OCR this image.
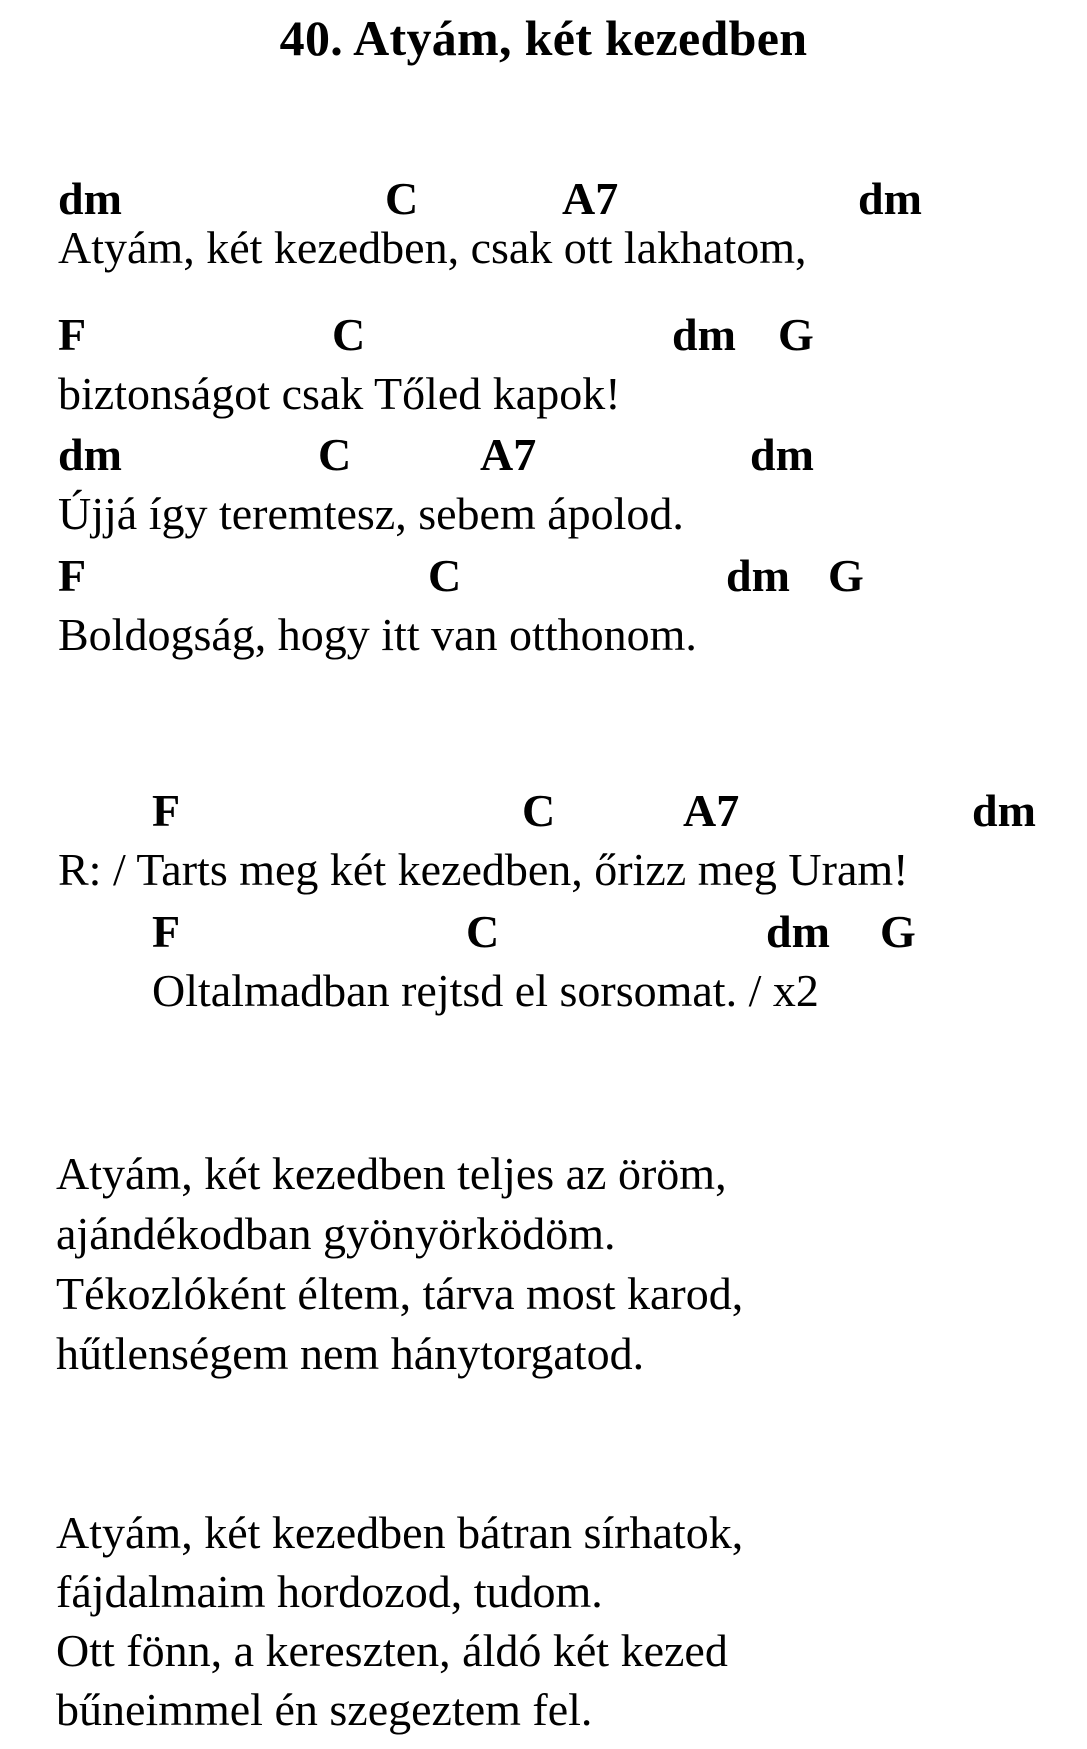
40. Atyám, két kezedben
dm	C	A7	dm
Atyám, két kezedben, csak ott lakhatom,
F	C	dm G
biztonságot csak Tőled kapok!
dm	C	A7	dm
Újjá így teremtesz, sebem ápolod.
F	C	dm G
Boldogság, hogy itt van otthonom.
F	C	A7	dm
R: / Tarts meg két kezedben, őrizz meg Uram!
F	C	dm G
Oltalmadban rejtsd el sorsomat. / x2
Atyám, két kezedben teljes az öröm,
ajándékodban gyönyörködöm.
Tékozlóként éltem, tárva most karod,
hűtlenségem nem hánytorgatod.
Atyám, két kezedben bátran sírhatok,
fájdalmaim hordozod, tudom.
Ott fönn, a kereszten, áldó két kezed
bűneimmel én szegeztem fel.
